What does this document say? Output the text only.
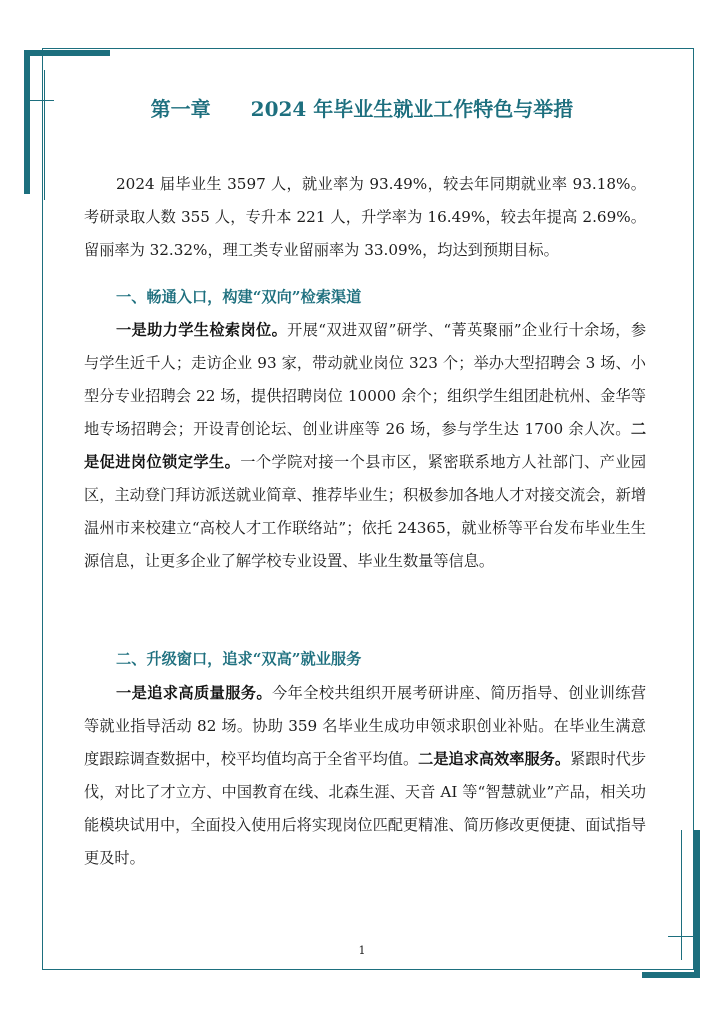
第一章　　2024 年毕业生就业工作特色与举措

2024 届毕业生 3597 人，就业率为 93.49%，较去年同期就业率 93.18%。考研录取人数 355 人，专升本 221 人，升学率为 16.49%，较去年提高 2.69%。留丽率为 32.32%，理工类专业留丽率为 33.09%，均达到预期目标。

一、畅通入口，构建“双向”检索渠道

一是助力学生检索岗位。开展“双进双留”研学、“菁英聚丽”企业行十余场，参与学生近千人；走访企业 93 家，带动就业岗位 323 个；举办大型招聘会 3 场、小型分专业招聘会 22 场，提供招聘岗位 10000 余个；组织学生组团赴杭州、金华等地专场招聘会；开设青创论坛、创业讲座等 26 场，参与学生达 1700 余人次。二是促进岗位锁定学生。一个学院对接一个县市区，紧密联系地方人社部门、产业园区，主动登门拜访派送就业简章、推荐毕业生；积极参加各地人才对接交流会，新增温州市来校建立“高校人才工作联络站”；依托 24365，就业桥等平台发布毕业生生源信息，让更多企业了解学校专业设置、毕业生数量等信息。

二、升级窗口，追求“双高”就业服务

一是追求高质量服务。今年全校共组织开展考研讲座、简历指导、创业训练营等就业指导活动 82 场。协助 359 名毕业生成功申领求职创业补贴。在毕业生满意度跟踪调查数据中，校平均值均高于全省平均值。二是追求高效率服务。紧跟时代步伐，对比了才立方、中国教育在线、北森生涯、天音 AI 等“智慧就业”产品，相关功能模块试用中，全面投入使用后将实现岗位匹配更精准、简历修改更便捷、面试指导更及时。

1
